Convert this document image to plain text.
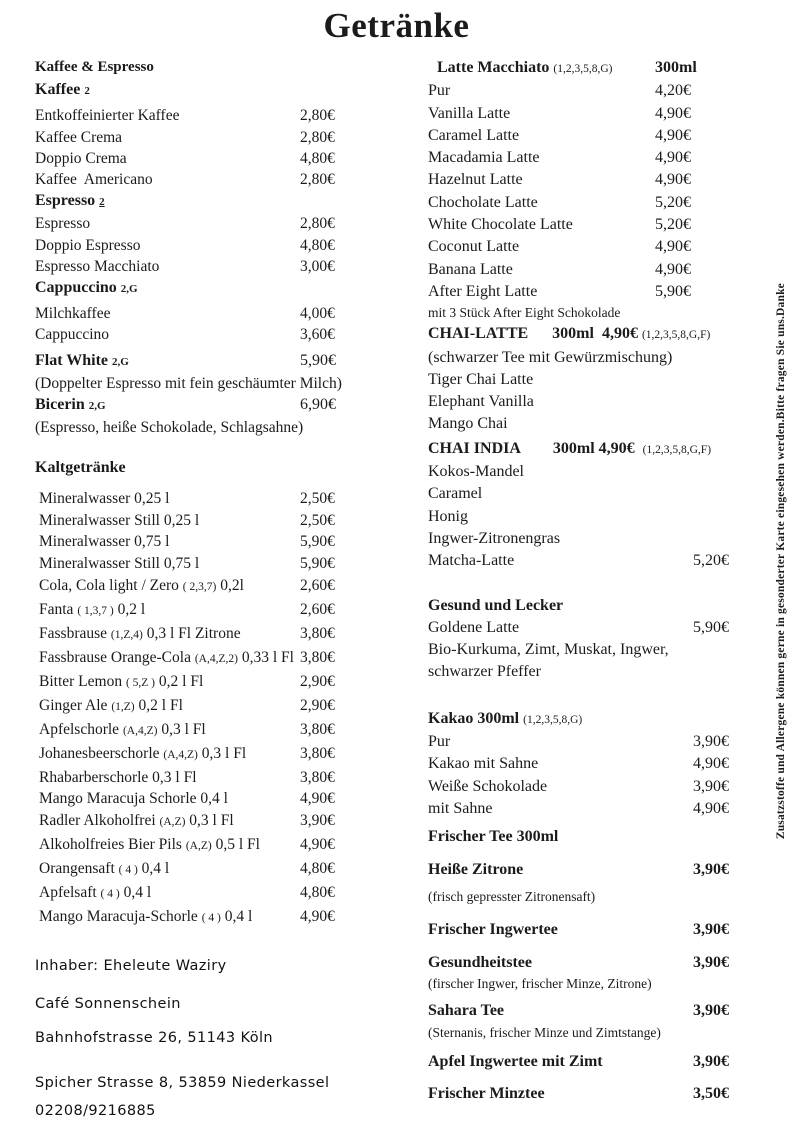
Getränke
Kaffee & Espresso
Kaffee 2
Entkoffeinierter Kaffee	2,80€
Kaffee Crema	2,80€
Doppio Crema	4,80€
Kaffee  Americano	2,80€
Espresso 2
Espresso	2,80€
Doppio Espresso	4,80€
Espresso Macchiato	3,00€
Cappuccino 2,G
Milchkaffee	4,00€
Cappuccino	3,60€
Flat White 2,G	5,90€
(Doppelter Espresso mit fein geschäumter Milch)
Bicerin 2,G	6,90€
(Espresso, heiße Schokolade, Schlagsahne)
Kaltgetränke
Mineralwasser 0,25 l	2,50€
Mineralwasser Still 0,25 l	2,50€
Mineralwasser 0,75 l	5,90€
Mineralwasser Still 0,75 l	5,90€
Cola, Cola light / Zero ( 2,3,7) 0,2l	2,60€
Fanta ( 1,3,7 ) 0,2 l	2,60€
Fassbrause (1,Z,4) 0,3 l Fl Zitrone	3,80€
Fassbrause Orange-Cola (A,4,Z,2) 0,33 l Fl 3,80€
Bitter Lemon ( 5,Z ) 0,2 l Fl	2,90€
Ginger Ale (1,Z) 0,2 l Fl	2,90€
Apfelschorle (A,4,Z) 0,3 l Fl	3,80€
Johanesbeerschorle (A,4,Z) 0,3 l Fl	3,80€
Rhabarberschorle 0,3 l Fl	3,80€
Mango Maracuja Schorle 0,4 l	4,90€
Radler Alkoholfrei (A,Z) 0,3 l Fl	3,90€
Alkoholfreies Bier Pils (A,Z) 0,5 l Fl	4,90€
Orangensaft ( 4 ) 0,4 l	4,80€
Apfelsaft ( 4 ) 0,4 l	4,80€
Mango Maracuja-Schorle ( 4 ) 0,4 l	4,90€
Inhaber: Eheleute Waziry
Café Sonnenschein
Bahnhofstrasse 26, 51143 Köln
Spicher Strasse 8, 53859 Niederkassel
02208/9216885
Latte Macchiato (1,2,3,5,8,G)	300ml
Pur	4,20€
Vanilla Latte	4,90€
Caramel Latte	4,90€
Macadamia Latte	4,90€
Hazelnut Latte	4,90€
Chocholate Latte	5,20€
White Chocolate Latte	5,20€
Coconut Latte	4,90€
Banana Latte	4,90€
After Eight Latte	5,90€
mit 3 Stück After Eight Schokolade
CHAI-LATTE      300ml  4,90€ (1,2,3,5,8,G,F)
(schwarzer Tee mit Gewürzmischung)
Tiger Chai Latte
Elephant Vanilla
Mango Chai
CHAI INDIA        300ml 4,90€  (1,2,3,5,8,G,F)
Kokos-Mandel
Caramel
Honig
Ingwer-Zitronengras
Matcha-Latte	5,20€
Gesund und Lecker
Goldene Latte	5,90€
Bio-Kurkuma, Zimt, Muskat, Ingwer,
schwarzer Pfeffer
Kakao 300ml (1,2,3,5,8,G)
Pur	3,90€
Kakao mit Sahne	4,90€
Weiße Schokolade	3,90€
mit Sahne	4,90€
Frischer Tee 300ml
Heiße Zitrone	3,90€
(frisch gepresster Zitronensaft)
Frischer Ingwertee	3,90€
Gesundheitstee	3,90€
(firscher Ingwer, frischer Minze, Zitrone)
Sahara Tee	3,90€
(Sternanis, frischer Minze und Zimtstange)
Apfel Ingwertee mit Zimt	3,90€
Frischer Minztee	3,50€
Zusatzstoffe und Allergene können gerne in gesonderter Karte eingesehen werden.Bitte fragen Sie uns.Danke
